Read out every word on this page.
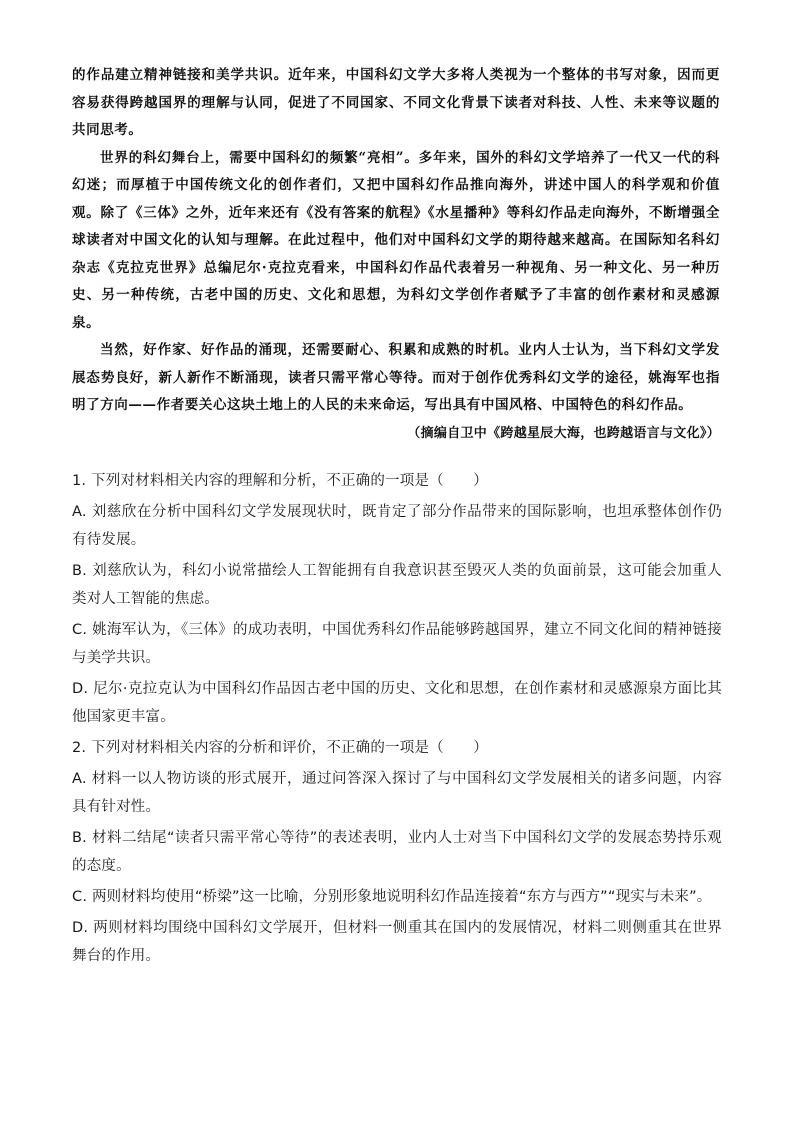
的作品建立精神链接和美学共识。近年来，中国科幻文学大多将人类视为一个整体的书写对象，因而更容易获得跨越国界的理解与认同，促进了不同国家、不同文化背景下读者对科技、人性、未来等议题的共同思考。

世界的科幻舞台上，需要中国科幻的频繁“亮相”。多年来，国外的科幻文学培养了一代又一代的科幻迷；而厚植于中国传统文化的创作者们，又把中国科幻作品推向海外，讲述中国人的科学观和价值观。除了《三体》之外，近年来还有《没有答案的航程》《水星播种》等科幻作品走向海外，不断增强全球读者对中国文化的认知与理解。在此过程中，他们对中国科幻文学的期待越来越高。在国际知名科幻杂志《克拉克世界》总编尼尔·克拉克看来，中国科幻作品代表着另一种视角、另一种文化、另一种历史、另一种传统，古老中国的历史、文化和思想，为科幻文学创作者赋予了丰富的创作素材和灵感源泉。

当然，好作家、好作品的涌现，还需要耐心、积累和成熟的时机。业内人士认为，当下科幻文学发展态势良好，新人新作不断涌现，读者只需平常心等待。而对于创作优秀科幻文学的途径，姚海军也指明了方向——作者要关心这块土地上的人民的未来命运，写出具有中国风格、中国特色的科幻作品。

（摘编自卫中《跨越星辰大海，也跨越语言与文化》）

1. 下列对材料相关内容的理解和分析，不正确的一项是（　　）

A. 刘慈欣在分析中国科幻文学发展现状时，既肯定了部分作品带来的国际影响，也坦承整体创作仍有待发展。

B. 刘慈欣认为，科幻小说常描绘人工智能拥有自我意识甚至毁灭人类的负面前景，这可能会加重人类对人工智能的焦虑。

C. 姚海军认为，《三体》的成功表明，中国优秀科幻作品能够跨越国界，建立不同文化间的精神链接与美学共识。

D. 尼尔·克拉克认为中国科幻作品因古老中国的历史、文化和思想，在创作素材和灵感源泉方面比其他国家更丰富。

2. 下列对材料相关内容的分析和评价，不正确的一项是（　　）

A. 材料一以人物访谈的形式展开，通过问答深入探讨了与中国科幻文学发展相关的诸多问题，内容具有针对性。

B. 材料二结尾“读者只需平常心等待”的表述表明，业内人士对当下中国科幻文学的发展态势持乐观的态度。

C. 两则材料均使用“桥梁”这一比喻，分别形象地说明科幻作品连接着“东方与西方”“现实与未来”。

D. 两则材料均围绕中国科幻文学展开，但材料一侧重其在国内的发展情况，材料二则侧重其在世界舞台的作用。
